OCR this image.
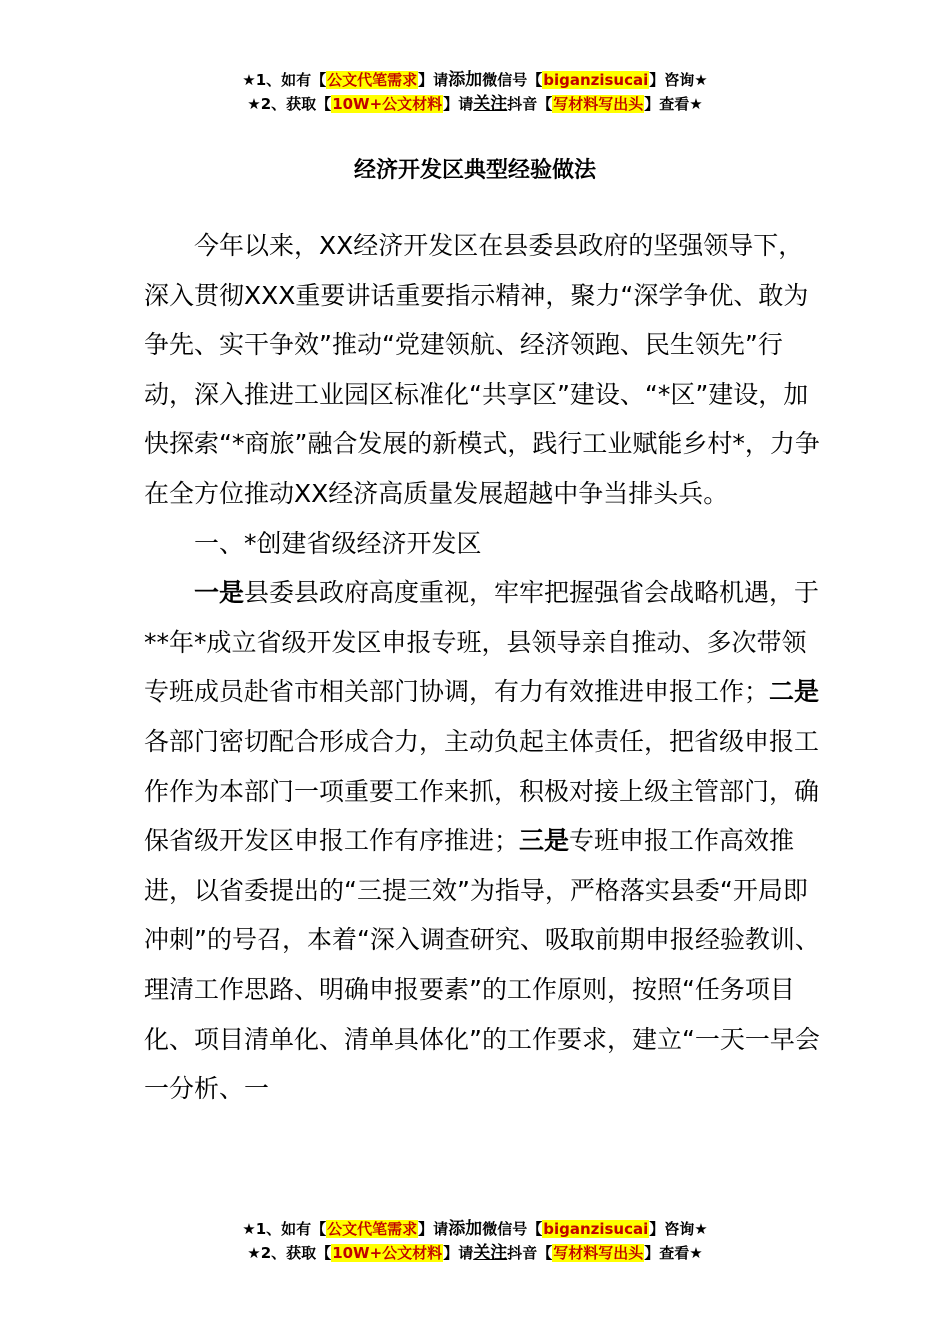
★1、如有【公文代笔需求】请添加微信号【biganzisucai】咨询★
★2、获取【10W+公文材料】请关注抖音【写材料写出头】查看★
经济开发区典型经验做法

今年以来，XX经济开发区在县委县政府的坚强领导下，深入贯彻XXX重要讲话重要指示精神，聚力“深学争优、敢为争先、实干争效”推动“党建领航、经济领跑、民生领先”行动，深入推进工业园区标准化“共享区”建设、“*区”建设，加快探索“*商旅”融合发展的新模式，践行工业赋能乡村*，力争在全方位推动XX经济高质量发展超越中争当排头兵。

一、*创建省级经济开发区

一是县委县政府高度重视，牢牢把握强省会战略机遇，于**年*成立省级开发区申报专班，县领导亲自推动、多次带领专班成员赴省市相关部门协调，有力有效推进申报工作；二是各部门密切配合形成合力，主动负起主体责任，把省级申报工作作为本部门一项重要工作来抓，积极对接上级主管部门，确保省级开发区申报工作有序推进；三是专班申报工作高效推进，以省委提出的“三提三效”为指导，严格落实县委“开局即冲刺”的号召，本着“深入调查研究、吸取前期申报经验教训、理清工作思路、明确申报要素”的工作原则，按照“任务项目化、项目清单化、清单具体化”的工作要求，建立“一天一早会一分析、一

★1、如有【公文代笔需求】请添加微信号【biganzisucai】咨询★
★2、获取【10W+公文材料】请关注抖音【写材料写出头】查看★
